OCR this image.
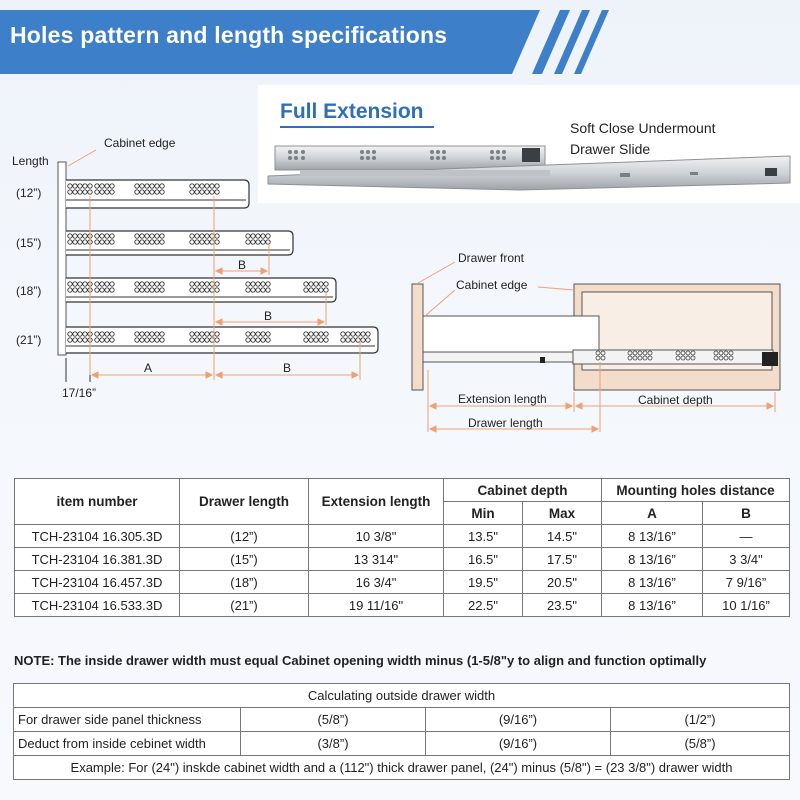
Holes pattern and length specifications
Full Extension
Soft Close Undermount
Drawer Slide
Cabinet edge
Length
(12”)
(15”)
(18”)
(21”)
B
B
A	B
17/16”
Drawer front
Cabinet edge
Extension length	Cabinet depth
Drawer length
item number	Drawer length	Extension length	Cabinet depth		Mounting holes distance	
			Min	Max	A	B
TCH-23104 16.305.3D	(12”)	10 3/8"	13.5"	14.5"	8 13/16”	—
TCH-23104 16.381.3D	(15”)	13 314"	16.5"	17.5"	8 13/16”	3 3/4"
TCH-23104 16.457.3D	(18”)	16 3/4"	19.5"	20.5"	8 13/16”	7 9/16”
TCH-23104 16.533.3D	(21”)	19 11/16"	22.5"	23.5"	8 13/16”	10 1/16”
NOTE: The inside drawer width must equal Cabinet opening width minus (1-5/8"y to align and function optimally
Calculating outside drawer width			
For drawer side panel thickness	(5/8”)	(9/16”)	(1/2”)
Deduct from inside cebinet width	(3/8”)	(9/16”)	(5/8”)
Example: For (24") inskde cabinet width and a (112") thick drawer panel, (24") minus (5/8") = (23 3/8") drawer width			
